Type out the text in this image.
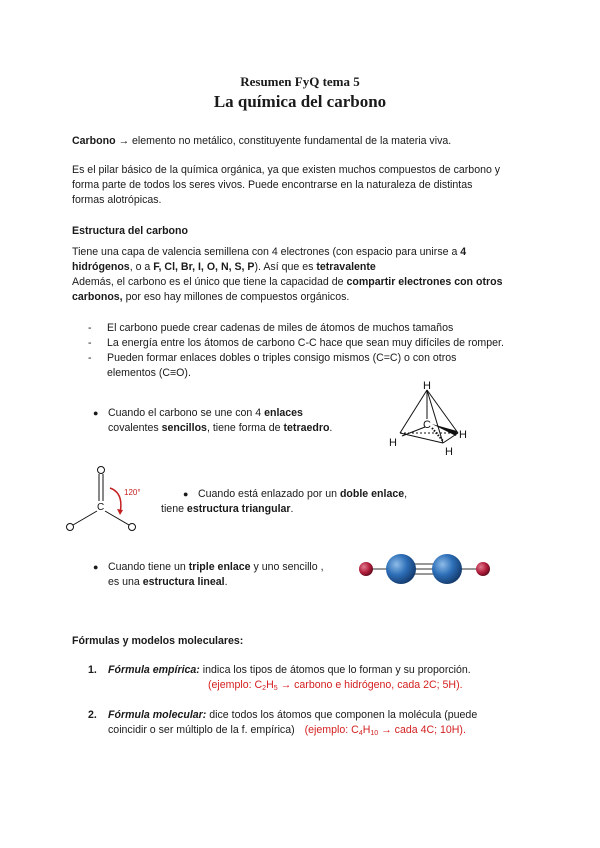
Resumen FyQ tema 5
La química del carbono
Carbono → elemento no metálico, constituyente fundamental de la materia viva.
Es el pilar básico de la química orgánica, ya que existen muchos compuestos de carbono y
forma parte de todos los seres vivos. Puede encontrarse en la naturaleza de distintas
formas alotrópicas.
Estructura del carbono
Tiene una capa de valencia semillena con 4 electrones (con espacio para unirse a 4
hidrógenos, o a F, Cl, Br, I, O, N, S, P). Así que es tetravalente
Además, el carbono es el único que tiene la capacidad de compartir electrones con otros
carbonos, por eso hay millones de compuestos orgánicos.
- El carbono puede crear cadenas de miles de átomos de muchos tamaños
- La energía entre los átomos de carbono C-C hace que sean muy difíciles de romper.
- Pueden formar enlaces dobles o triples consigo mismos (C=C) o con otros
elementos (C≡O).
● Cuando el carbono se une con 4 enlaces
covalentes sencillos, tiene forma de tetraedro.
H
C
H
H
H
C
120°	● Cuando está enlazado por un doble enlace,
tiene estructura triangular.
● Cuando tiene un triple enlace y uno sencillo ,
es una estructura lineal.
Fórmulas y modelos moleculares:
1. Fórmula empírica: indica los tipos de átomos que lo forman y su proporción.
(ejemplo: $C_2H_5$ → carbono e hidrógeno, cada 2C; 5H).
2. Fórmula molecular: dice todos los átomos que componen la molécula (puede
coincidir o ser múltiplo de la f. empírica) (ejemplo: $C_4H_{10}$ → cada 4C; 10H).
